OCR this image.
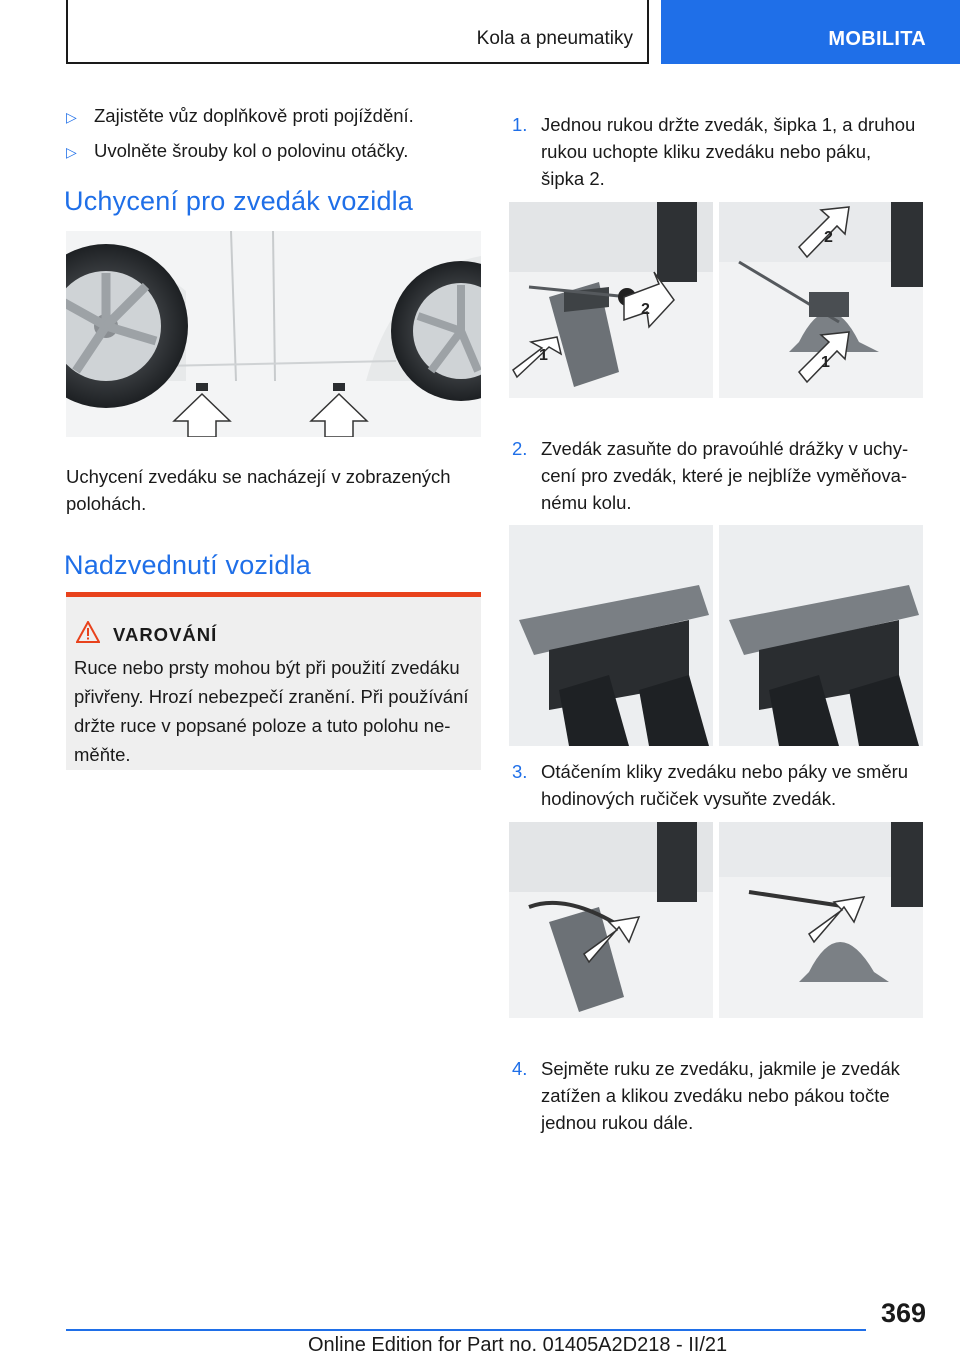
Kola a pneumatiky	MOBILITA
▷ Zajistěte vůz doplňkově proti pojíždění.
▷ Uvolněte šrouby kol o polovinu otáčky.
Uchycení pro zvedák vozidla
Uchycení zvedáku se nacházejí v zobrazených
polohách.
Nadzvednutí vozidla
VAROVÁNÍ
Ruce nebo prsty mohou být při použití zvedáku
přivřeny. Hrozí nebezpečí zranění. Při používání
držte ruce v popsané poloze a tuto polohu ne-
měňte.
1. Jednou rukou držte zvedák, šipka 1, a druhou
rukou uchopte kliku zvedáku nebo páku,
šipka 2.
1
2
2
1
2. Zvedák zasuňte do pravoúhlé drážky v uchy-
cení pro zvedák, které je nejblíže vyměňova-
nému kolu.
3. Otáčením kliky zvedáku nebo páky ve směru
hodinových ručiček vysuňte zvedák.
4. Sejměte ruku ze zvedáku, jakmile je zvedák
zatížen a klikou zvedáku nebo pákou točte
jednou rukou dále.
369
Online Edition for Part no. 01405A2D218 - II/21
